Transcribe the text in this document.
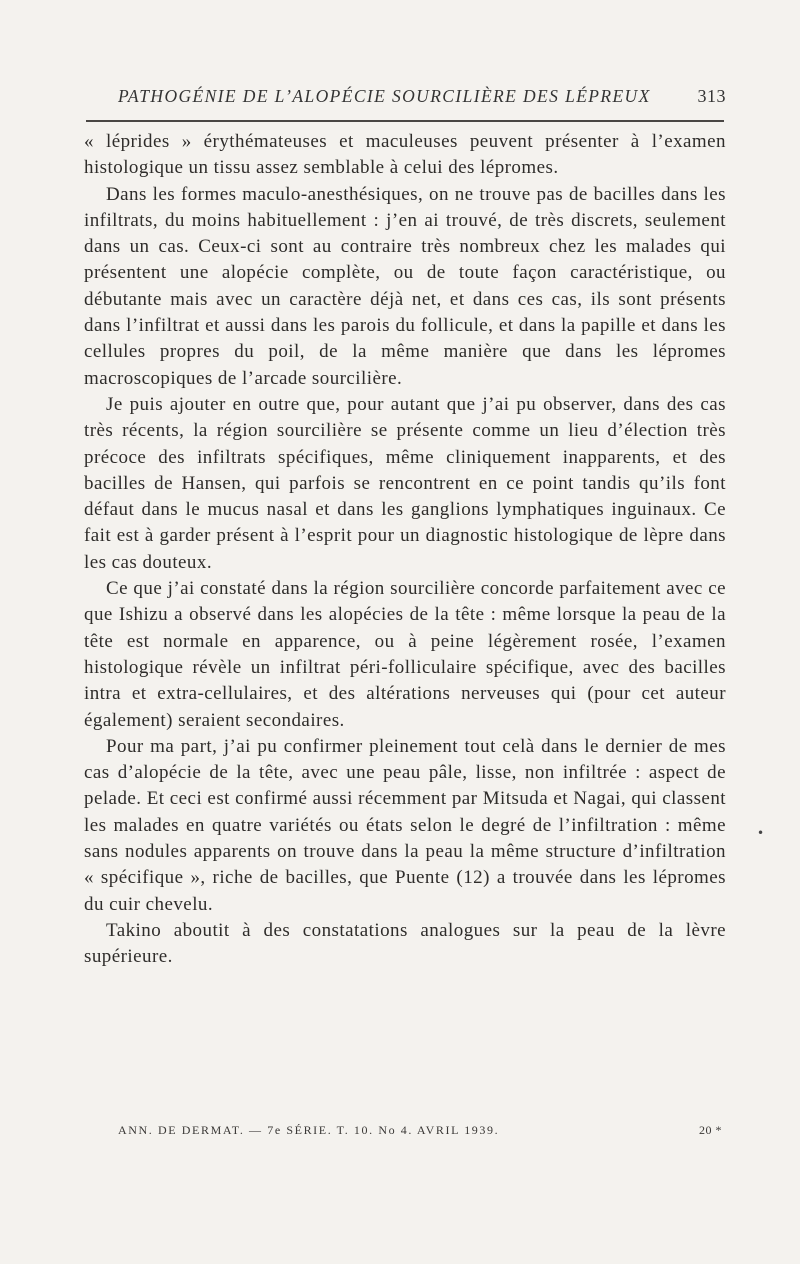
PATHOGÉNIE DE L’ALOPÉCIE SOURCILIÈRE DES LÉPREUX	313

« léprides » érythémateuses et maculeuses peuvent présenter à l’examen histologique un tissu assez semblable à celui des lépromes.

Dans les formes maculo-anesthésiques, on ne trouve pas de bacilles dans les infiltrats, du moins habituellement : j’en ai trouvé, de très discrets, seulement dans un cas. Ceux-ci sont au contraire très nombreux chez les malades qui présentent une alopécie complète, ou de toute façon caractéristique, ou débutante mais avec un caractère déjà net, et dans ces cas, ils sont présents dans l’infiltrat et aussi dans les parois du follicule, et dans la papille et dans les cellules propres du poil, de la même manière que dans les lépromes macroscopiques de l’arcade sourcilière.

Je puis ajouter en outre que, pour autant que j’ai pu observer, dans des cas très récents, la région sourcilière se présente comme un lieu d’élection très précoce des infiltrats spécifiques, même cliniquement inapparents, et des bacilles de Hansen, qui parfois se rencontrent en ce point tandis qu’ils font défaut dans le mucus nasal et dans les ganglions lymphatiques inguinaux. Ce fait est à garder présent à l’esprit pour un diagnostic histologique de lèpre dans les cas douteux.

Ce que j’ai constaté dans la région sourcilière concorde parfaitement avec ce que Ishizu a observé dans les alopécies de la tête : même lorsque la peau de la tête est normale en apparence, ou à peine légèrement rosée, l’examen histologique révèle un infiltrat péri-folliculaire spécifique, avec des bacilles intra et extra-cellulaires, et des altérations nerveuses qui (pour cet auteur également) seraient secondaires.

Pour ma part, j’ai pu confirmer pleinement tout celà dans le dernier de mes cas d’alopécie de la tête, avec une peau pâle, lisse, non infiltrée : aspect de pelade. Et ceci est confirmé aussi récemment par Mitsuda et Nagai, qui classent les malades en quatre variétés ou états selon le degré de l’infiltration : même sans nodules apparents on trouve dans la peau la même structure d’infiltration « spécifique », riche de bacilles, que Puente (12) a trouvée dans les lépromes du cuir chevelu.

Takino aboutit à des constatations analogues sur la peau de la lèvre supérieure.

•
ANN. DE DERMAT. — 7e SÉRIE. T. 10. No 4. AVRIL 1939.	20 *
